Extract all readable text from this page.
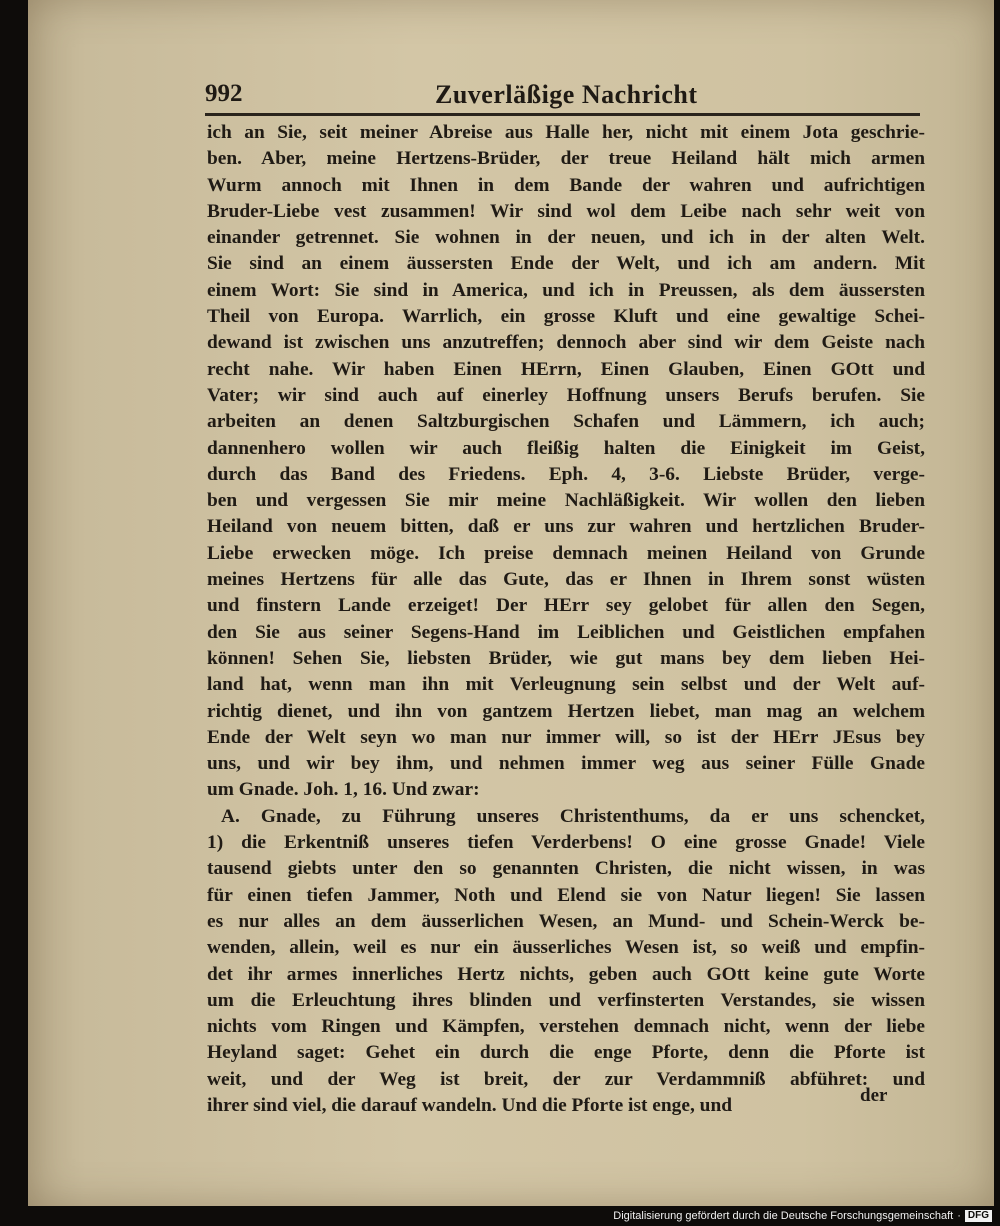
992	Zuverläßige Nachricht
ich an Sie, seit meiner Abreise aus Halle her, nicht mit einem Jota geschrie-
ben. Aber, meine Hertzens-Brüder, der treue Heiland hält mich armen
Wurm annoch mit Ihnen in dem Bande der wahren und aufrichtigen
Bruder-Liebe vest zusammen! Wir sind wol dem Leibe nach sehr weit von
einander getrennet. Sie wohnen in der neuen, und ich in der alten Welt.
Sie sind an einem äussersten Ende der Welt, und ich am andern. Mit
einem Wort: Sie sind in America, und ich in Preussen, als dem äussersten
Theil von Europa. Warrlich, ein grosse Kluft und eine gewaltige Schei-
dewand ist zwischen uns anzutreffen; dennoch aber sind wir dem Geiste nach
recht nahe. Wir haben Einen HErrn, Einen Glauben, Einen GOtt und
Vater; wir sind auch auf einerley Hoffnung unsers Berufs berufen. Sie
arbeiten an denen Saltzburgischen Schafen und Lämmern, ich auch;
dannenhero wollen wir auch fleißig halten die Einigkeit im Geist,
durch das Band des Friedens. Eph. 4, 3-6. Liebste Brüder, verge-
ben und vergessen Sie mir meine Nachläßigkeit. Wir wollen den lieben
Heiland von neuem bitten, daß er uns zur wahren und hertzlichen Bruder-
Liebe erwecken möge. Ich preise demnach meinen Heiland von Grunde
meines Hertzens für alle das Gute, das er Ihnen in Ihrem sonst wüsten
und finstern Lande erzeiget! Der HErr sey gelobet für allen den Segen,
den Sie aus seiner Segens-Hand im Leiblichen und Geistlichen empfahen
können! Sehen Sie, liebsten Brüder, wie gut mans bey dem lieben Hei-
land hat, wenn man ihn mit Verleugnung sein selbst und der Welt auf-
richtig dienet, und ihn von gantzem Hertzen liebet, man mag an welchem
Ende der Welt seyn wo man nur immer will, so ist der HErr JEsus bey
uns, und wir bey ihm, und nehmen immer weg aus seiner Fülle Gnade
um Gnade. Joh. 1, 16. Und zwar:
A. Gnade, zu Führung unseres Christenthums, da er uns schencket,
1) die Erkentniß unseres tiefen Verderbens! O eine grosse Gnade! Viele
tausend giebts unter den so genannten Christen, die nicht wissen, in was
für einen tiefen Jammer, Noth und Elend sie von Natur liegen! Sie lassen
es nur alles an dem äusserlichen Wesen, an Mund- und Schein-Werck be-
wenden, allein, weil es nur ein äusserliches Wesen ist, so weiß und empfin-
det ihr armes innerliches Hertz nichts, geben auch GOtt keine gute Worte
um die Erleuchtung ihres blinden und verfinsterten Verstandes, sie wissen
nichts vom Ringen und Kämpfen, verstehen demnach nicht, wenn der liebe
Heyland saget: Gehet ein durch die enge Pforte, denn die Pforte ist
weit, und der Weg ist breit, der zur Verdammniß abführet: und
ihrer sind viel, die darauf wandeln. Und die Pforte ist enge, und	der
Digitalisierung gefördert durch die Deutsche Forschungsgemeinschaft · DFG
